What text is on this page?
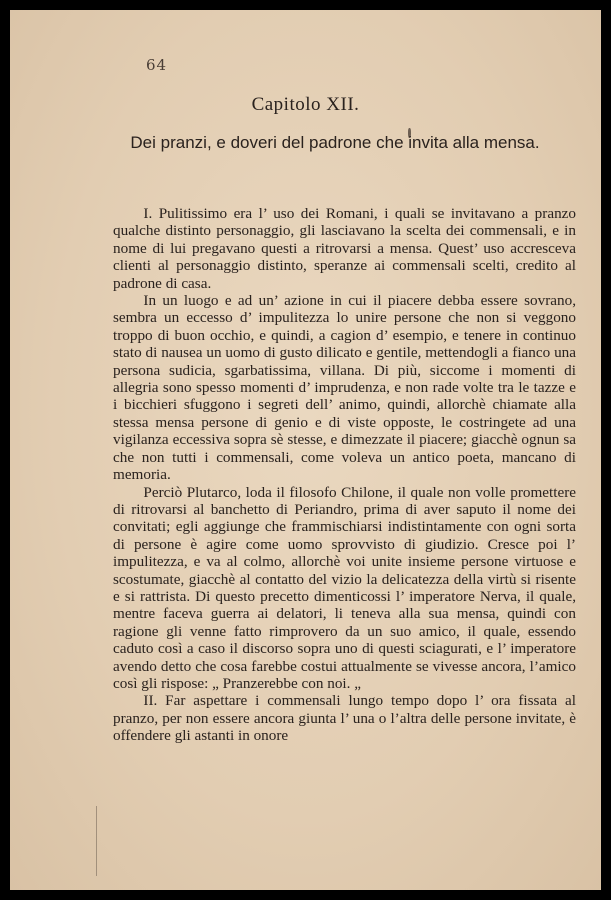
64
Capitolo XII.
Dei pranzi, e doveri del padrone che invita alla mensa.

I. Pulitissimo era l’ uso dei Romani, i quali se invitavano a pranzo qualche distinto personaggio, gli lasciavano la scelta dei commensali, e in nome di lui pregavano questi a ritrovarsi a mensa. Quest’ uso accresceva clienti al personaggio distinto, speranze ai commensali scelti, credito al padrone di casa.

In un luogo e ad un’ azione in cui il piacere debba essere sovrano, sembra un eccesso d’ impulitezza lo unire persone che non si veggono troppo di buon occhio, e quindi, a cagion d’ esempio, e tenere in continuo stato di nausea un uomo di gusto dilicato e gentile, mettendogli a fianco una persona sudicia, sgarbatissima, villana. Di più, siccome i momenti di allegria sono spesso momenti d’ imprudenza, e non rade volte tra le tazze e i bicchieri sfuggono i segreti dell’ animo, quindi, allorchè chiamate alla stessa mensa persone di genio e di viste opposte, le costringete ad una vigilanza eccessiva sopra sè stesse, e dimezzate il piacere; giacchè ognun sa che non tutti i commensali, come voleva un antico poeta, mancano di memoria.

Perciò Plutarco, loda il filosofo Chilone, il quale non volle promettere di ritrovarsi al banchetto di Periandro, prima di aver saputo il nome dei convitati; egli aggiunge che frammischiarsi indistintamente con ogni sorta di persone è agire come uomo sprovvisto di giudizio. Cresce poi l’ impulitezza, e va al colmo, allorchè voi unite insieme persone virtuose e scostumate, giacchè al contatto del vizio la delicatezza della virtù si risente e si rattrista. Di questo precetto dimenticossi l’ imperatore Nerva, il quale, mentre faceva guerra ai delatori, li teneva alla sua mensa, quindi con ragione gli venne fatto rimprovero da un suo amico, il quale, essendo caduto così a caso il discorso sopra uno di questi sciagurati, e l’ imperatore avendo detto che cosa farebbe costui attualmente se vivesse ancora, l’amico così gli rispose: „ Pranzerebbe con noi. „

II. Far aspettare i commensali lungo tempo dopo l’ ora fissata al pranzo, per non essere ancora giunta l’ una o l’altra delle persone invitate, è offendere gli astanti in onore
